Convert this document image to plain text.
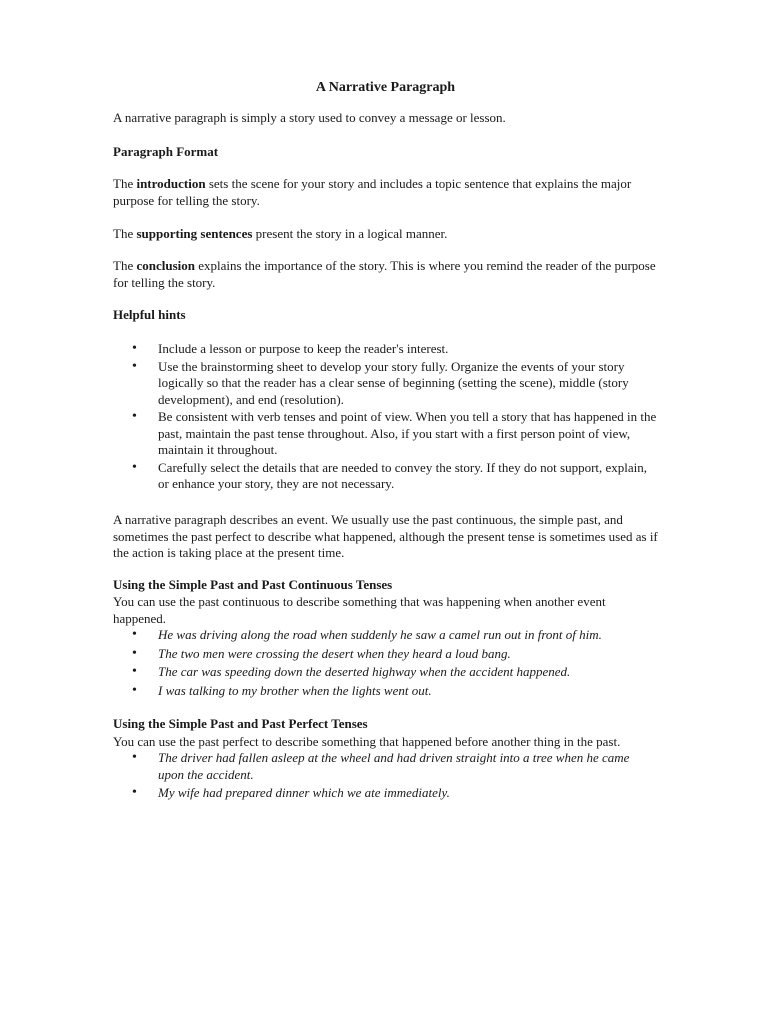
A Narrative Paragraph

A narrative paragraph is simply a story used to convey a message or lesson.

Paragraph Format

The introduction sets the scene for your story and includes a topic sentence that explains the major purpose for telling the story.

The supporting sentences present the story in a logical manner.

The conclusion explains the importance of the story. This is where you remind the reader of the purpose for telling the story.

Helpful hints

• Include a lesson or purpose to keep the reader's interest.
• Use the brainstorming sheet to develop your story fully. Organize the events of your story logically so that the reader has a clear sense of beginning (setting the scene), middle (story development), and end (resolution).
• Be consistent with verb tenses and point of view. When you tell a story that has happened in the past, maintain the past tense throughout. Also, if you start with a first person point of view, maintain it throughout.
• Carefully select the details that are needed to convey the story. If they do not support, explain, or enhance your story, they are not necessary.

A narrative paragraph describes an event. We usually use the past continuous, the simple past, and sometimes the past perfect to describe what happened, although the present tense is sometimes used as if the action is taking place at the present time.

Using the Simple Past and Past Continuous Tenses

You can use the past continuous to describe something that was happening when another event happened.

• He was driving along the road when suddenly he saw a camel run out in front of him.
• The two men were crossing the desert when they heard a loud bang.
• The car was speeding down the deserted highway when the accident happened.
• I was talking to my brother when the lights went out.

Using the Simple Past and Past Perfect Tenses

You can use the past perfect to describe something that happened before another thing in the past.

• The driver had fallen asleep at the wheel and had driven straight into a tree when he came upon the accident.
• My wife had prepared dinner which we ate immediately.
